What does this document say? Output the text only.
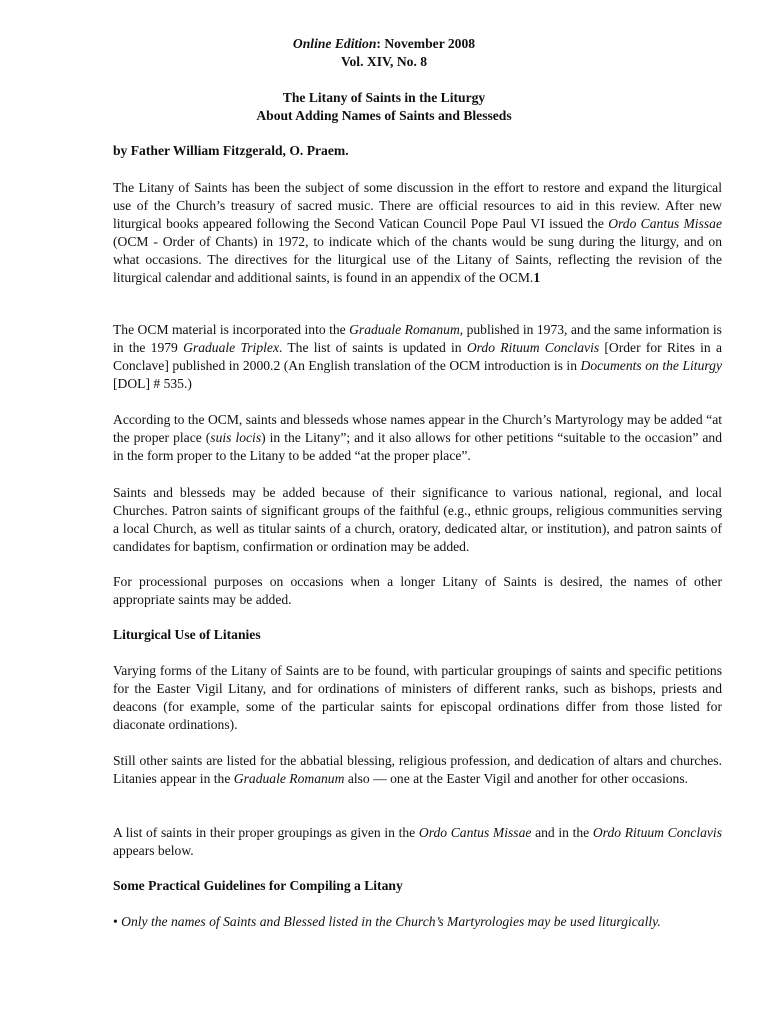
Online Edition: November 2008

Vol. XIV, No. 8

The Litany of Saints in the Liturgy

About Adding Names of Saints and Blesseds

by Father William Fitzgerald, O. Praem.

The Litany of Saints has been the subject of some discussion in the effort to restore and expand the liturgical use of the Church’s treasury of sacred music. There are official resources to aid in this review. After new liturgical books appeared following the Second Vatican Council Pope Paul VI issued the Ordo Cantus Missae (OCM - Order of Chants) in 1972, to indicate which of the chants would be sung during the liturgy, and on what occasions. The directives for the liturgical use of the Litany of Saints, reflecting the revision of the liturgical calendar and additional saints, is found in an appendix of the OCM.1

The OCM material is incorporated into the Graduale Romanum, published in 1973, and the same information is in the 1979 Graduale Triplex. The list of saints is updated in Ordo Rituum Conclavis [Order for Rites in a Conclave] published in 2000.2 (An English translation of the OCM introduction is in Documents on the Liturgy [DOL] # 535.)

According to the OCM, saints and blesseds whose names appear in the Church’s Martyrology may be added “at the proper place (suis locis) in the Litany”; and it also allows for other petitions “suitable to the occasion” and in the form proper to the Litany to be added “at the proper place”.

Saints and blesseds may be added because of their significance to various national, regional, and local Churches. Patron saints of significant groups of the faithful (e.g., ethnic groups, religious communities serving a local Church, as well as titular saints of a church, oratory, dedicated altar, or institution), and patron saints of candidates for baptism, confirmation or ordination may be added.

For processional purposes on occasions when a longer Litany of Saints is desired, the names of other appropriate saints may be added.

Liturgical Use of Litanies

Varying forms of the Litany of Saints are to be found, with particular groupings of saints and specific petitions for the Easter Vigil Litany, and for ordinations of ministers of different ranks, such as bishops, priests and deacons (for example, some of the particular saints for episcopal ordinations differ from those listed for diaconate ordinations).

Still other saints are listed for the abbatial blessing, religious profession, and dedication of altars and churches. Litanies appear in the Graduale Romanum also — one at the Easter Vigil and another for other occasions.

A list of saints in their proper groupings as given in the Ordo Cantus Missae and in the Ordo Rituum Conclavis appears below.

Some Practical Guidelines for Compiling a Litany

• Only the names of Saints and Blessed listed in the Church’s Martyrologies may be used liturgically.
